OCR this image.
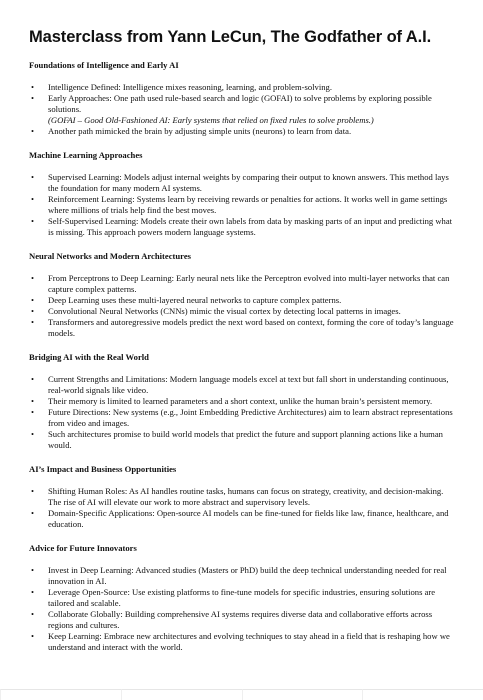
Masterclass from Yann LeCun, The Godfather of A.I.
Foundations of Intelligence and Early AI
• Intelligence Defined: Intelligence mixes reasoning, learning, and problem-solving.
• Early Approaches: One path used rule-based search and logic (GOFAI) to solve problems by exploring possible solutions.
(GOFAI – Good Old-Fashioned AI: Early systems that relied on fixed rules to solve problems.)
• Another path mimicked the brain by adjusting simple units (neurons) to learn from data.
Machine Learning Approaches
• Supervised Learning: Models adjust internal weights by comparing their output to known answers. This method lays the foundation for many modern AI systems.
• Reinforcement Learning: Systems learn by receiving rewards or penalties for actions. It works well in game settings where millions of trials help find the best moves.
• Self-Supervised Learning: Models create their own labels from data by masking parts of an input and predicting what is missing. This approach powers modern language systems.
Neural Networks and Modern Architectures
• From Perceptrons to Deep Learning: Early neural nets like the Perceptron evolved into multi-layer networks that can capture complex patterns.
• Deep Learning uses these multi-layered neural networks to capture complex patterns.
• Convolutional Neural Networks (CNNs) mimic the visual cortex by detecting local patterns in images.
• Transformers and autoregressive models predict the next word based on context, forming the core of today’s language models.
Bridging AI with the Real World
• Current Strengths and Limitations: Modern language models excel at text but fall short in understanding continuous, real-world signals like video.
• Their memory is limited to learned parameters and a short context, unlike the human brain’s persistent memory.
• Future Directions: New systems (e.g., Joint Embedding Predictive Architectures) aim to learn abstract representations from video and images.
• Such architectures promise to build world models that predict the future and support planning actions like a human would.
AI’s Impact and Business Opportunities
• Shifting Human Roles: As AI handles routine tasks, humans can focus on strategy, creativity, and decision-making. The rise of AI will elevate our work to more abstract and supervisory levels.
• Domain-Specific Applications: Open-source AI models can be fine-tuned for fields like law, finance, healthcare, and education.
Advice for Future Innovators
• Invest in Deep Learning: Advanced studies (Masters or PhD) build the deep technical understanding needed for real innovation in AI.
• Leverage Open-Source: Use existing platforms to fine-tune models for specific industries, ensuring solutions are tailored and scalable.
• Collaborate Globally: Building comprehensive AI systems requires diverse data and collaborative efforts across regions and cultures.
• Keep Learning: Embrace new architectures and evolving techniques to stay ahead in a field that is reshaping how we understand and interact with the world.
